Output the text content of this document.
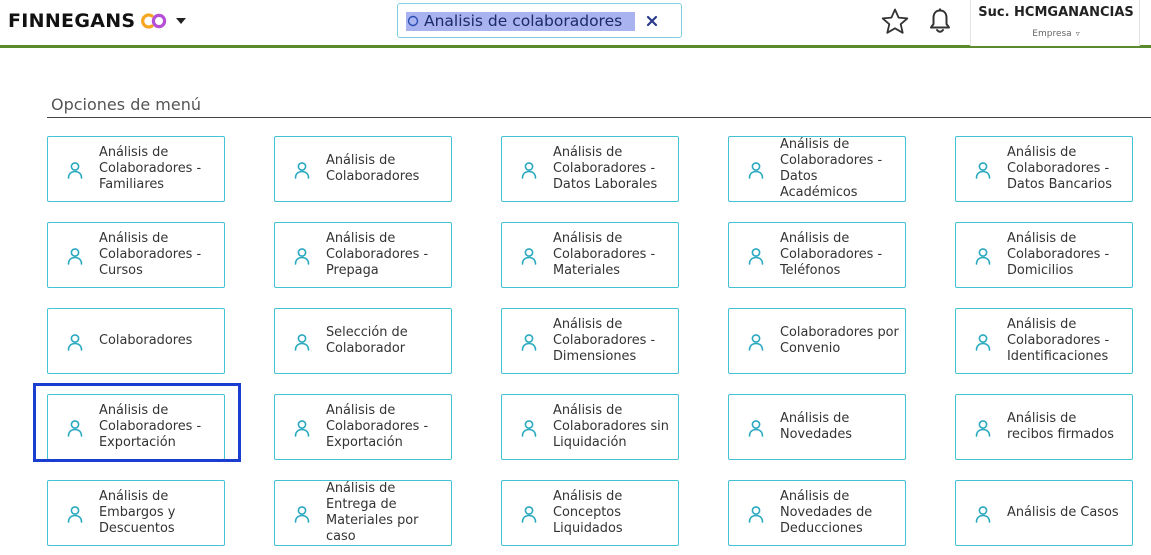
FINNEGANS
Analisis de colaboradores	Suc. HCMGANANCIAS
Empresa ▿
Opciones de menú
Análisis de Colaboradores - Familiares
Análisis de Colaboradores
Análisis de Colaboradores - Datos Laborales
Análisis de Colaboradores - Datos Académicos
Análisis de Colaboradores - Datos Bancarios
Análisis de Colaboradores - Cursos
Análisis de Colaboradores - Prepaga
Análisis de Colaboradores - Materiales
Análisis de Colaboradores - Teléfonos
Análisis de Colaboradores - Domicilios
Colaboradores
Selección de Colaborador
Análisis de Colaboradores - Dimensiones
Colaboradores por Convenio
Análisis de Colaboradores - Identificaciones
Análisis de Colaboradores - Exportación
Análisis de Colaboradores - Exportación
Análisis de Colaboradores sin Liquidación
Análisis de Novedades
Análisis de recibos firmados
Análisis de Embargos y Descuentos
Análisis de Entrega de Materiales por caso
Análisis de Conceptos Liquidados
Análisis de Novedades de Deducciones
Análisis de Casos
